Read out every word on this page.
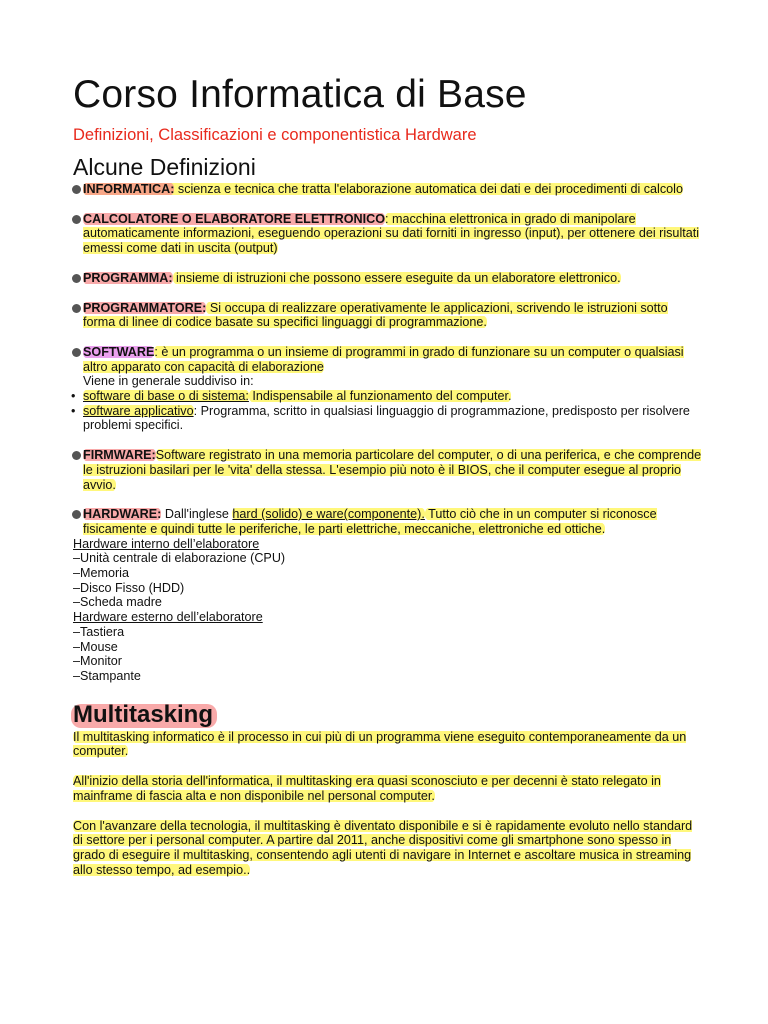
Corso Informatica di Base
Definizioni, Classificazioni e componentistica Hardware
Alcune Definizioni
INFORMATICA: scienza e tecnica che tratta l'elaborazione automatica dei dati e dei procedimenti di calcolo
CALCOLATORE O ELABORATORE ELETTRONICO: macchina elettronica in grado di manipolare automaticamente informazioni, eseguendo operazioni su dati forniti in ingresso (input), per ottenere dei risultati emessi come dati in uscita (output)
PROGRAMMA: insieme di istruzioni che possono essere eseguite da un elaboratore elettronico.
PROGRAMMATORE: Si occupa di realizzare operativamente le applicazioni, scrivendo le istruzioni sotto forma di linee di codice basate su specifici linguaggi di programmazione.
SOFTWARE: è un programma o un insieme di programmi in grado di funzionare su un computer o qualsiasi altro apparato con capacità di elaborazione
Viene in generale suddiviso in:
• software di base o di sistema: Indispensabile al funzionamento del computer.
• software applicativo: Programma, scritto in qualsiasi linguaggio di programmazione, predisposto per risolvere problemi specifici.
FIRMWARE:Software registrato in una memoria particolare del computer, o di una periferica, e che comprende le istruzioni basilari per le 'vita' della stessa. L'esempio più noto è il BIOS, che il computer esegue al proprio avvio.
HARDWARE: Dall'inglese hard (solido) e ware(componente). Tutto ciò che in un computer si riconosce fisicamente e quindi tutte le periferiche, le parti elettriche, meccaniche, elettroniche ed ottiche.
Hardware interno dell’elaboratore
–Unità centrale di elaborazione (CPU)
–Memoria
–Disco Fisso (HDD)
–Scheda madre
Hardware esterno dell’elaboratore
–Tastiera
–Mouse
–Monitor
–Stampante
Multitasking
Il multitasking informatico è il processo in cui più di un programma viene eseguito contemporaneamente da un computer.
All'inizio della storia dell'informatica, il multitasking era quasi sconosciuto e per decenni è stato relegato in mainframe di fascia alta e non disponibile nel personal computer.
Con l'avanzare della tecnologia, il multitasking è diventato disponibile e si è rapidamente evoluto nello standard di settore per i personal computer. A partire dal 2011, anche dispositivi come gli smartphone sono spesso in grado di eseguire il multitasking, consentendo agli utenti di navigare in Internet e ascoltare musica in streaming allo stesso tempo, ad esempio..
